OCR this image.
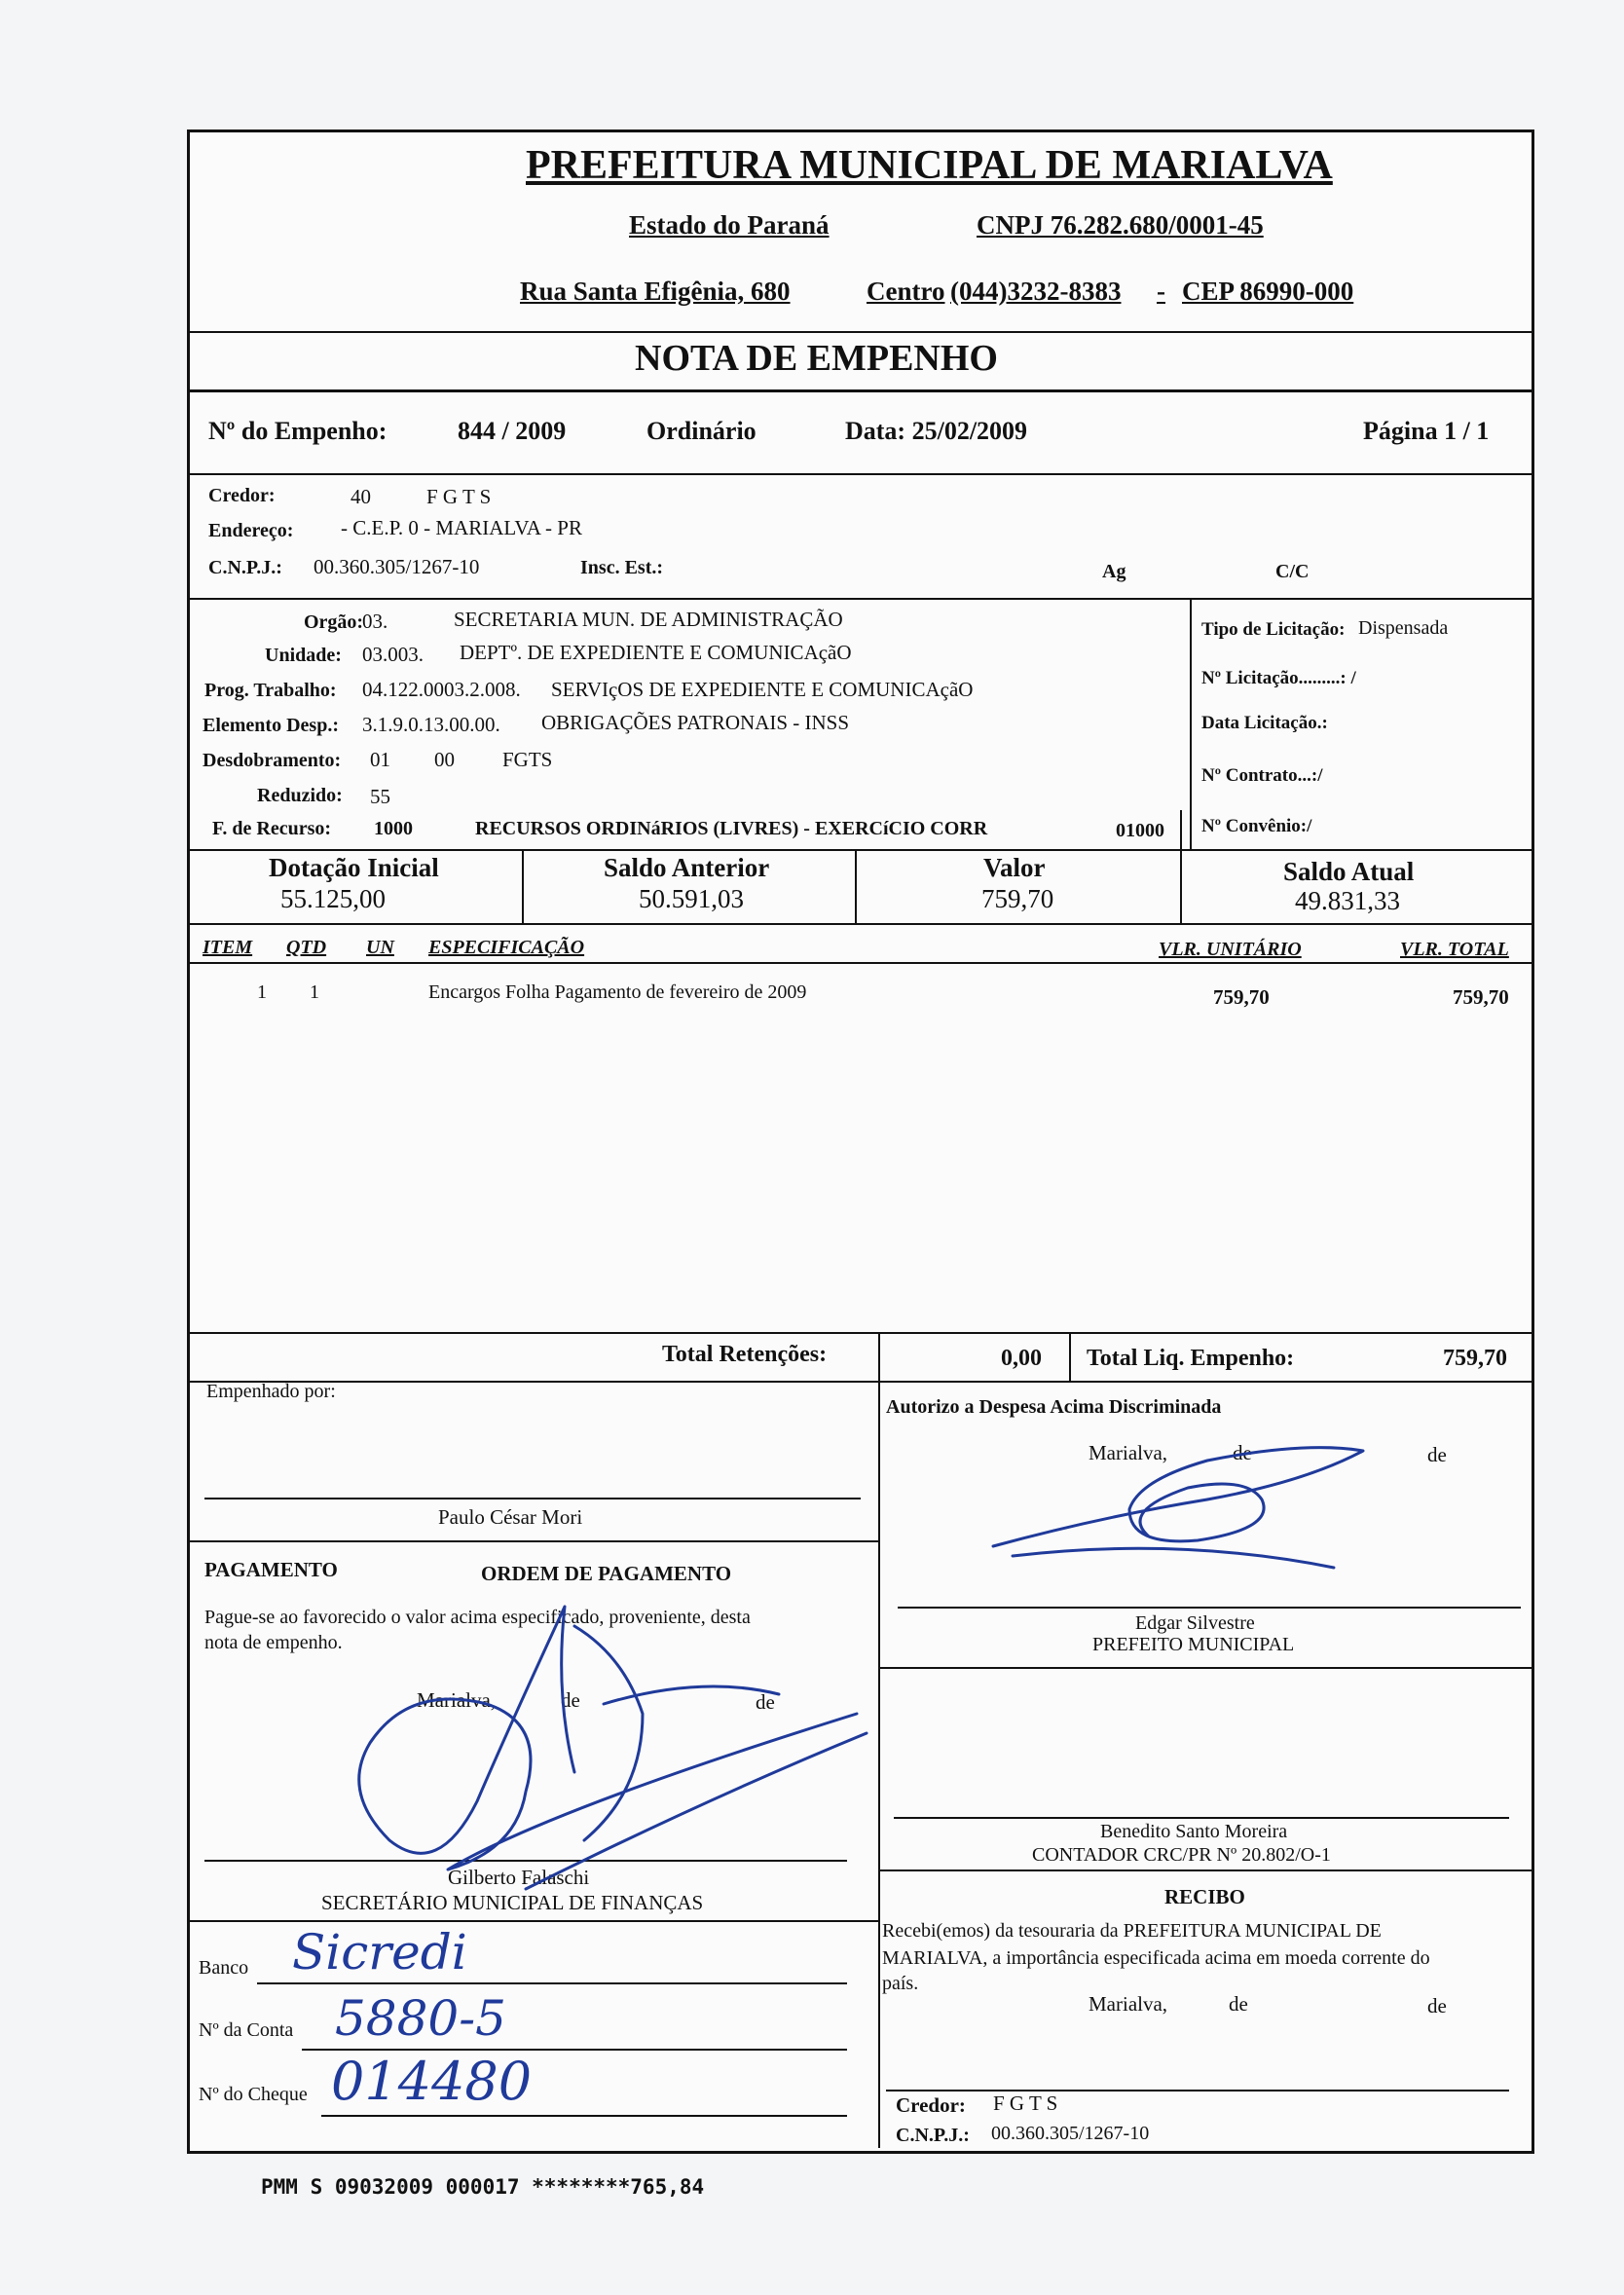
PREFEITURA MUNICIPAL DE MARIALVA
Estado do Paraná	CNPJ 76.282.680/0001-45
Rua Santa Efigênia, 680	Centro (044)3232-8383 - CEP 86990-000
NOTA DE EMPENHO
Nº do Empenho:	844 / 2009	Ordinário	Data: 25/02/2009	Página 1 / 1
Credor:	40	F G T S
Endereço: - C.E.P. 0 - MARIALVA - PR
C.N.P.J.: 00.360.305/1267-10	Insc. Est.:	Ag	C/C
Orgão:
03.	SECRETARIA MUN. DE ADMINISTRAÇÃO
Unidade: 03.003. DEPTº. DE EXPEDIENTE E COMUNICAçãO
Prog. Trabalho: 04.122.0003.2.008. SERVIçOS DE EXPEDIENTE E COMUNICAçãO
Elemento Desp.: 3.1.9.0.13.00.00. OBRIGAÇÕES PATRONAIS - INSS
Desdobramento: 01 00 FGTS
Reduzido: 55
F. de Recurso: 1000	RECURSOS ORDINáRIOS (LIVRES) - EXERCíCIO CORR	01000
Tipo de Licitação: Dispensada
Nº Licitação.........: /
Data Licitação.:
Nº Contrato...:/
Nº Convênio:/
Dotação Inicial
55.125,00
Saldo Anterior
50.591,03
Valor
759,70
Saldo Atual
49.831,33
ITEM QTD UN ESPECIFICAÇÃO	VLR. UNITÁRIO	VLR. TOTAL
1 1	Encargos Folha Pagamento de fevereiro de 2009	759,70	759,70
Total Retenções:	0,00 Total Liq. Empenho:	759,70
Empenhado por:
Paulo César Mori
Autorizo a Despesa Acima Discriminada
Marialva,	de	de
Edgar Silvestre
PREFEITO MUNICIPAL
PAGAMENTO	ORDEM DE PAGAMENTO
Pague-se ao favorecido o valor acima especificado, proveniente, desta
nota de empenho.
Marialva,	de	de
Gilberto Falaschi
SECRETÁRIO MUNICIPAL DE FINANÇAS
Benedito Santo Moreira
CONTADOR CRC/PR Nº 20.802/O-1
Banco Sicredi
Nº da Conta 5880-5
Nº do Cheque 014480
RECIBO
Recebi(emos) da tesouraria da PREFEITURA MUNICIPAL DE
MARIALVA, a importância especificada acima em moeda corrente do
país.
Marialva,	de	de
Credor: F G T S
C.N.P.J.: 00.360.305/1267-10
PMM S 09032009 000017 ********765,84
